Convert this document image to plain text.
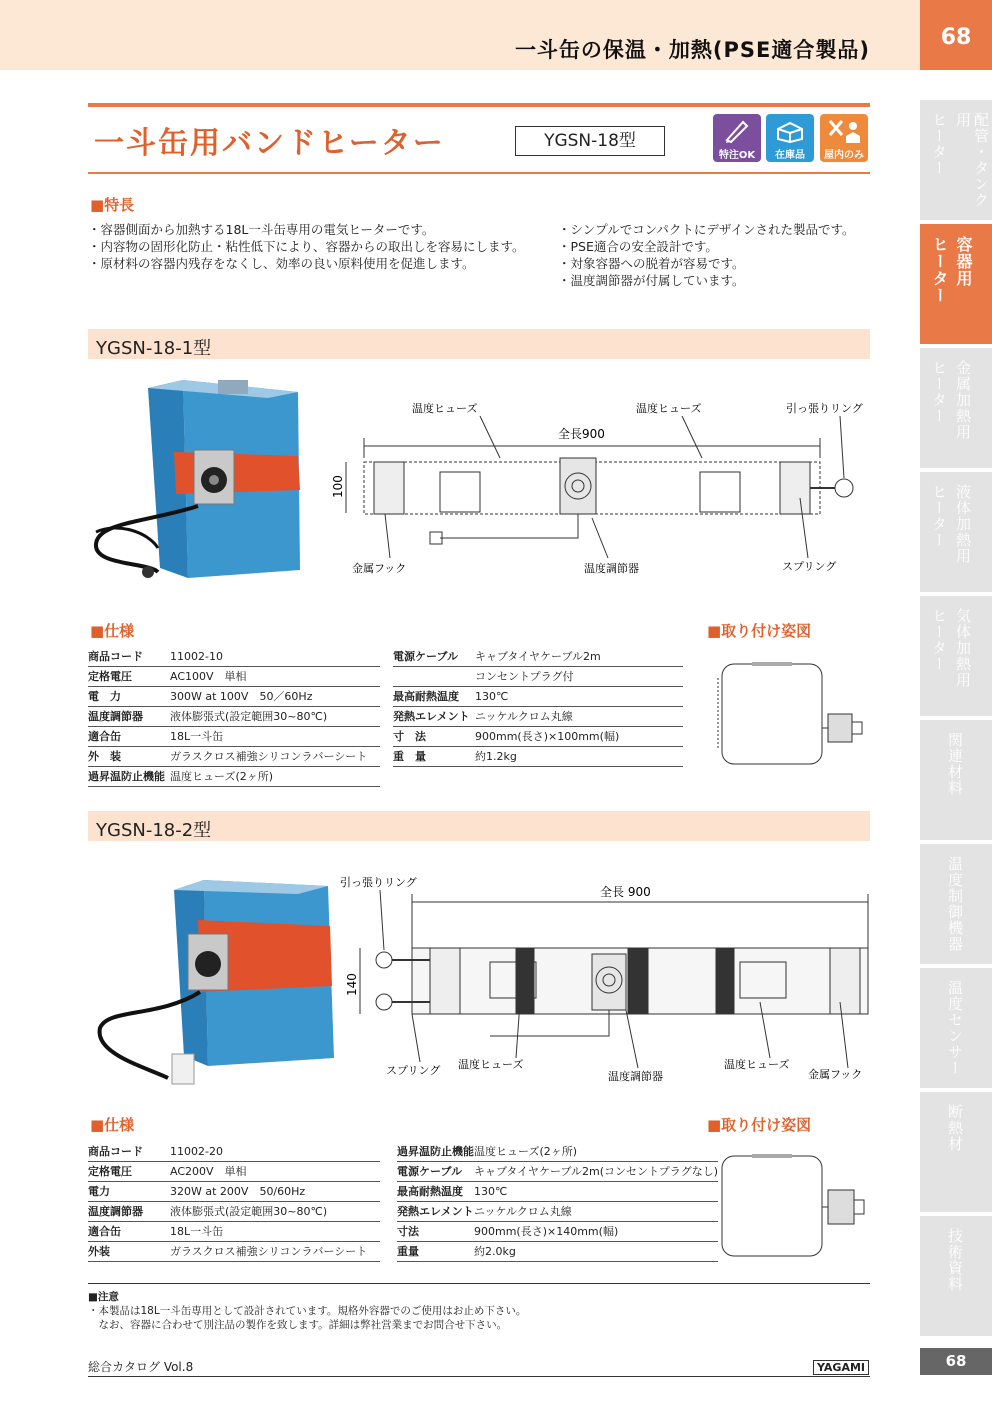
一斗缶の保温・加熱(PSE適合製品)	68
配管・タンク用
ヒーター
容器用
ヒーター
金属加熱用
ヒーター
液体加熱用
ヒーター
気体加熱用
ヒーター
関連材料
温度制御機器
温度センサー
断熱材
技術資料
一斗缶用バンドヒーター	YGSN-18型
特注OK	在庫品	屋内のみ
■特長
・容器側面から加熱する18L一斗缶専用の電気ヒーターです。
・内容物の固形化防止・粘性低下により、容器からの取出しを容易にします。
・原材料の容器内残存をなくし、効率の良い原料使用を促進します。
・シンプルでコンパクトにデザインされた製品です。
・PSE適合の安全設計です。
・対象容器への脱着が容易です。
・温度調節器が付属しています。
YGSN-18-1型
温度ヒューズ	温度ヒューズ	引っ張りリング
全長900
100
金属フック	温度調節器	スプリング
■仕様
商品コード	11002-10
定格電圧	AC100V　単相
電　力	300W at 100V　50／60Hz
温度調節器	液体膨張式(設定範囲30~80℃)
適合缶	18L一斗缶
外　装	ガラスクロス補強シリコンラバーシート
過昇温防止機能	温度ヒューズ(2ヶ所)
電源ケーブル	キャブタイヤケーブル2m
	コンセントプラグ付
最高耐熱温度	130℃
発熱エレメント	ニッケルクロム丸線
寸　法	900mm(長さ)×100mm(幅)
重　量	約1.2kg
■取り付け姿図
YGSN-18-2型
引っ張りリング
全長 900
140
スプリング 温度ヒューズ
温度調節器
温度ヒューズ
金属フック
■仕様
商品コード	11002-20
定格電圧	AC200V　単相
電力	320W at 200V　50/60Hz
温度調節器	液体膨張式(設定範囲30~80℃)
適合缶	18L一斗缶
外装	ガラスクロス補強シリコンラバーシート
過昇温防止機能	温度ヒューズ(2ヶ所)
電源ケーブル	キャブタイヤケーブル2m(コンセントプラグなし)
最高耐熱温度	130℃
発熱エレメント	ニッケルクロム丸線
寸法	900mm(長さ)×140mm(幅)
重量	約2.0kg
■取り付け姿図
■注意
・本製品は18L一斗缶専用として設計されています。規格外容器でのご使用はお止め下さい。
　なお、容器に合わせて別注品の製作を致します。詳細は弊社営業までお問合せ下さい。
総合カタログ Vol.8	YAGAMI	68
